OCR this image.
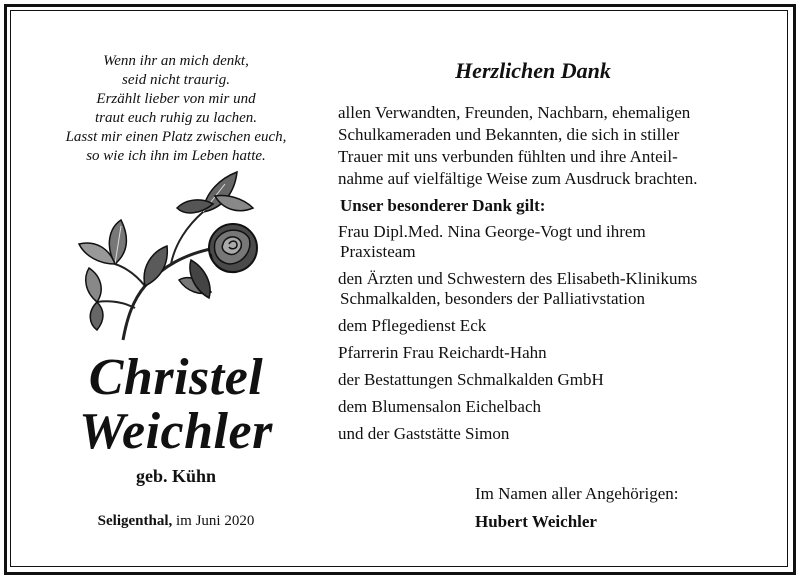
Wenn ihr an mich denkt,
seid nicht traurig.
Erzählt lieber von mir und
traut euch ruhig zu lachen.
Lasst mir einen Platz zwischen euch,
so wie ich ihn im Leben hatte.
Christel
Weichler
geb. Kühn
Seligenthal, im Juni 2020
Herzlichen Dank
allen Verwandten, Freunden, Nachbarn, ehemaligen
Schulkameraden und Bekannten, die sich in stiller
Trauer mit uns verbunden fühlten und ihre Anteil-
nahme auf vielfältige Weise zum Ausdruck brachten.
Unser besonderer Dank gilt:
Frau Dipl.Med. Nina George-Vogt und ihrem
Praxisteam
den Ärzten und Schwestern des Elisabeth-Klinikums
Schmalkalden, besonders der Palliativstation
dem Pflegedienst Eck
Pfarrerin Frau Reichardt-Hahn
der Bestattungen Schmalkalden GmbH
dem Blumensalon Eichelbach
und der Gaststätte Simon
Im Namen aller Angehörigen:
Hubert Weichler
